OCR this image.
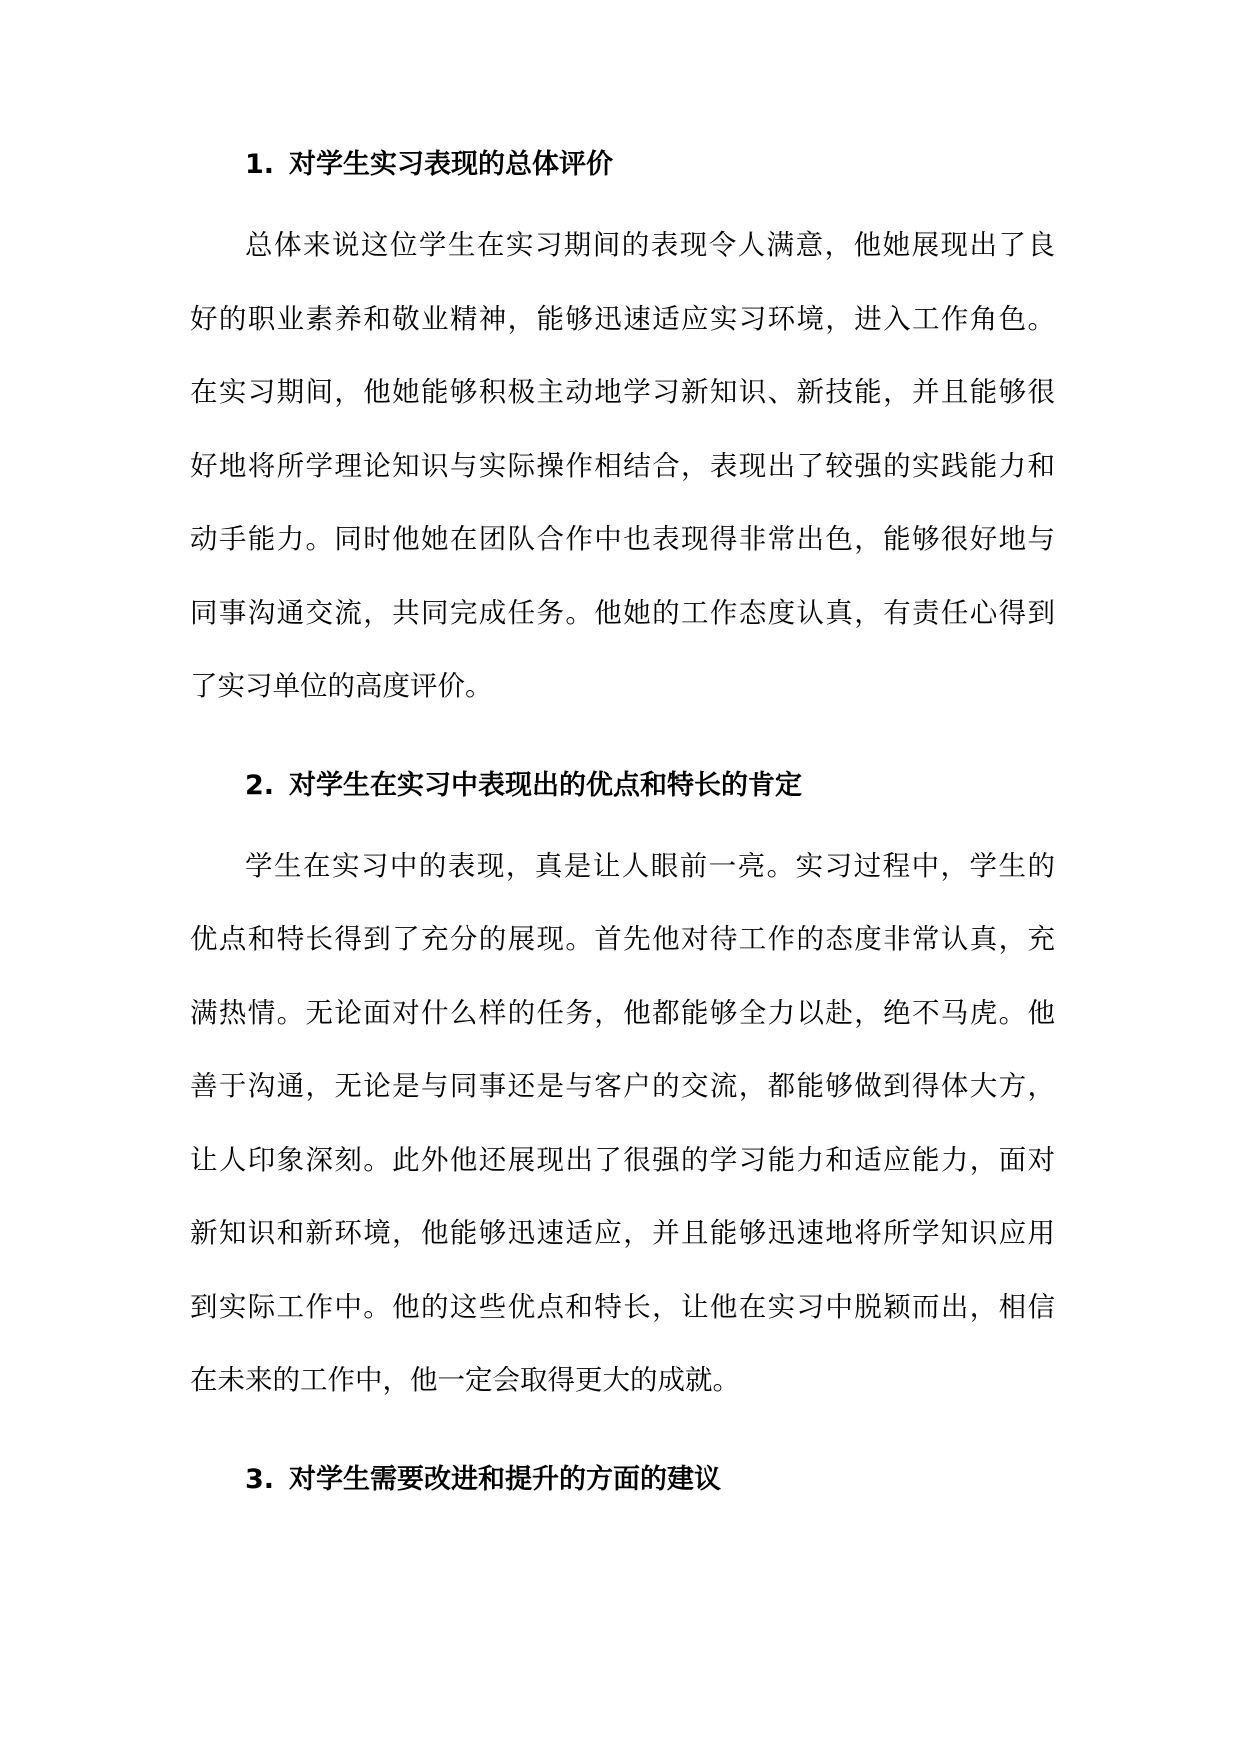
1. 对学生实习表现的总体评价
总体来说这位学生在实习期间的表现令人满意，他她展现出了良
好的职业素养和敬业精神，能够迅速适应实习环境，进入工作角色。
在实习期间，他她能够积极主动地学习新知识、新技能，并且能够很
好地将所学理论知识与实际操作相结合，表现出了较强的实践能力和
动手能力。同时他她在团队合作中也表现得非常出色，能够很好地与
同事沟通交流，共同完成任务。他她的工作态度认真，有责任心得到
了实习单位的高度评价。
2. 对学生在实习中表现出的优点和特长的肯定
学生在实习中的表现，真是让人眼前一亮。实习过程中，学生的
优点和特长得到了充分的展现。首先他对待工作的态度非常认真，充
满热情。无论面对什么样的任务，他都能够全力以赴，绝不马虎。他
善于沟通，无论是与同事还是与客户的交流，都能够做到得体大方，
让人印象深刻。此外他还展现出了很强的学习能力和适应能力，面对
新知识和新环境，他能够迅速适应，并且能够迅速地将所学知识应用
到实际工作中。他的这些优点和特长，让他在实习中脱颖而出，相信
在未来的工作中，他一定会取得更大的成就。
3. 对学生需要改进和提升的方面的建议
